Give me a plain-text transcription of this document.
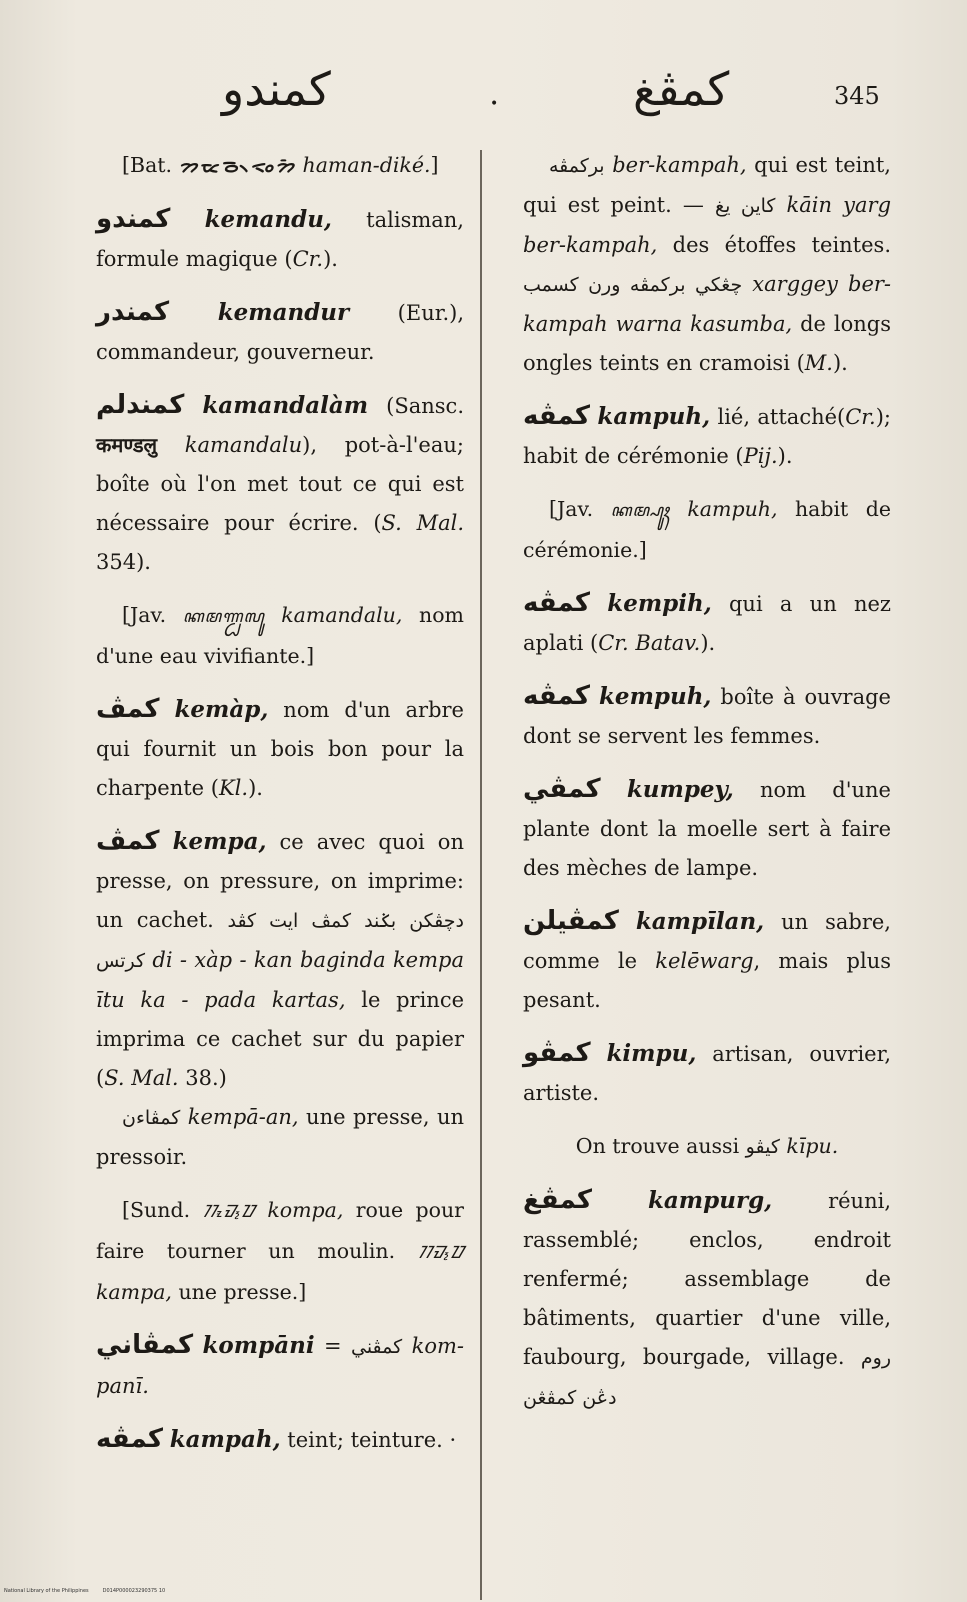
كمندو	•	كمڤغ	345

[Bat. ᯂᯔᯉ᯲ᯑᯪᯂᯩ haman-diké.]

كمندو kemandu, talisman, formule magique (Cr.).

كمندر kemandur (Eur.), commandeur, gouverneur.

كمندلم kamandalàm (Sansc. कमण्डलु kamandalu), pot-à-l'eau; boîte où l'on met tout ce qui est nécessaire pour écrire. (S. Mal. 354).

[Jav. ꦏꦩꦟ꧀ꦝꦭꦸ kamandalu, nom d'une eau vivifiante.]

كمڤ kemàp, nom d'un arbre qui fournit un bois bon pour la charpente (Kl.).

كمڤ kempa, ce avec quoi on presse, on pressure, on imprime: un cachet. دچڤكن بݢند كمڤ ايت كڤد كرتس di - xàp - kan baginda kempa ītu ka - pada kartas, le prince imprima ce cachet sur du papier (S. Mal. 38.)
كمڤاءن kempā-an, une presse, un pressoir.

[Sund. ᮊᮧᮙ᮪ᮕ kompa, roue pour faire tourner un moulin. ᮊᮙ᮪ᮕ kampa, une presse.]

كمڤاني kompāni = كمڤني kom-panī.

كمڤه kampah, teint; teinture. ·

بركمڤه ber-kampah, qui est teint, qui est peint. — كاين يغ kāin yarg ber-kampah, des étoffes teintes. چڠكي بركمڤه ورن كسمب xarggey ber-kampah warna kasumba, de longs ongles teints en cramoisi (M.).

كمڤه kampuh, lié, attaché(Cr.); habit de cérémonie (Pij.).

[Jav. ꦏꦩ꧀ꦥꦸꦃ kampuh, habit de cérémonie.]

كمڤه kempih, qui a un nez aplati (Cr. Batav.).

كمڤه kempuh, boîte à ouvrage dont se servent les femmes.

كمڤي kumpey, nom d'une plante dont la moelle sert à faire des mèches de lampe.

كمڤيلن kampīlan, un sabre, comme le kelēwarg, mais plus pesant.

كمڤو kimpu, artisan, ouvrier, artiste.

On trouve aussi كيڤو kīpu.

كمڤغ kampurg, réuni, rassemblé; enclos, endroit renfermé; assemblage de bâtiments, quartier d'une ville, faubourg, bourgade, village. روم دڠن كمڤڠن

National Library of the Philippines	D014P000023290375 10
